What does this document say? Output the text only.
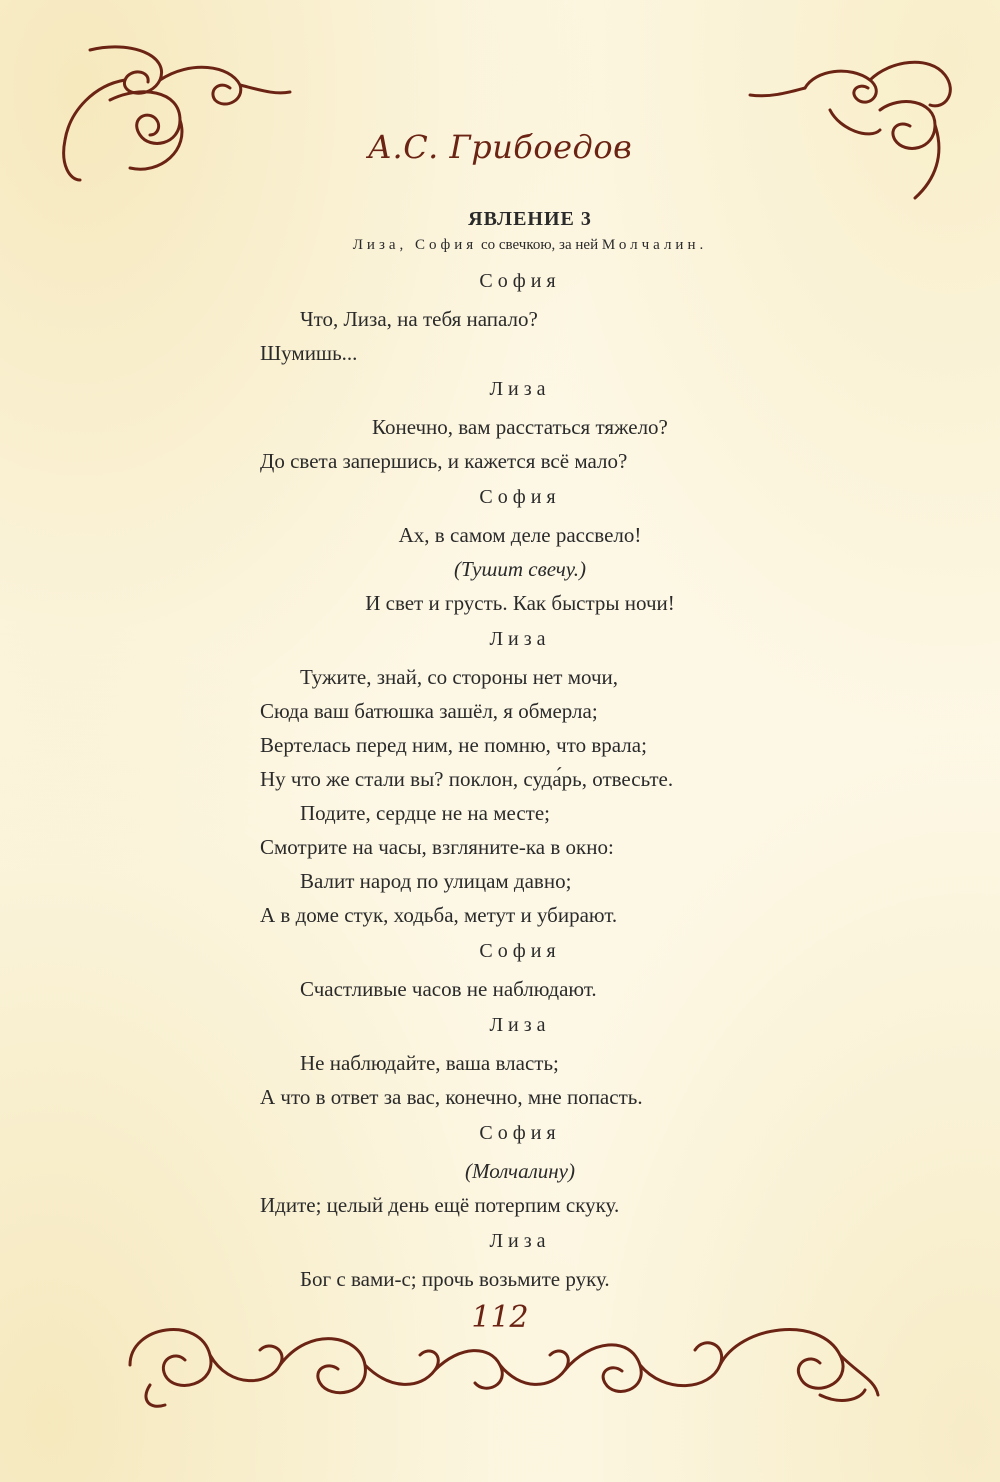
А.С. Грибоедов
ЯВЛЕНИЕ 3
Лиза, София со свечкою, за ней Молчалин.
София
Что, Лиза, на тебя напало?
Шумишь...
Лиза
Конечно, вам расстаться тяжело?
До света запершись, и кажется всё мало?
София
Ах, в самом деле рассвело!
(Тушит свечу.)
И свет и грусть. Как быстры ночи!
Лиза
Тужите, знай, со стороны нет мочи,
Сюда ваш батюшка зашёл, я обмерла;
Вертелась перед ним, не помню, что врала;
Ну что же стали вы? поклон, суда́рь, отвесьте.
Подите, сердце не на месте;
Смотрите на часы, взгляните-ка в окно:
Валит народ по улицам давно;
А в доме стук, ходьба, метут и убирают.
София
Счастливые часов не наблюдают.
Лиза
Не наблюдайте, ваша власть;
А что в ответ за вас, конечно, мне попасть.
София
(Молчалину)
Идите; целый день ещё потерпим скуку.
Лиза
Бог с вами-с; прочь возьмите руку.
112
